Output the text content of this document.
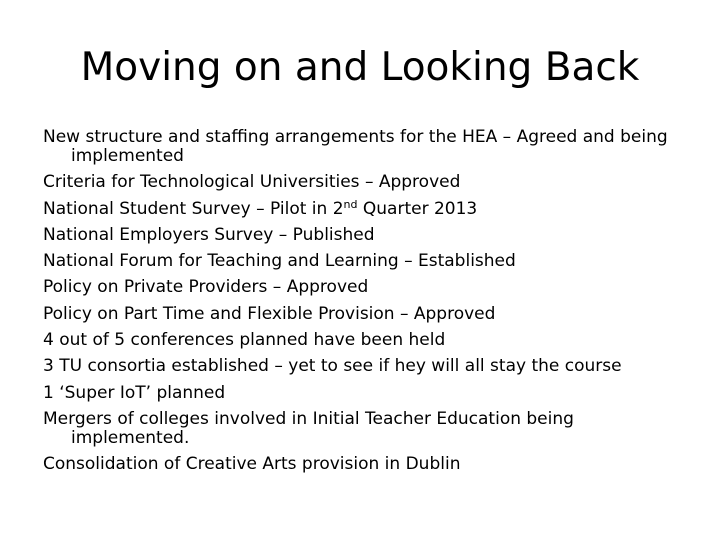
Moving on and Looking Back
New structure and staffing arrangements for the HEA – Agreed and being implemented
Criteria for Technological Universities – Approved
National Student Survey – Pilot in 2nd Quarter 2013
National Employers Survey – Published
National Forum for Teaching and Learning – Established
Policy on Private Providers – Approved
Policy on Part Time and Flexible Provision – Approved
4 out of 5 conferences planned have been held
3 TU consortia established – yet to see if hey will all stay the course
1 ‘Super IoT’ planned
Mergers of colleges involved in Initial Teacher Education being implemented.
Consolidation of Creative Arts provision in Dublin
